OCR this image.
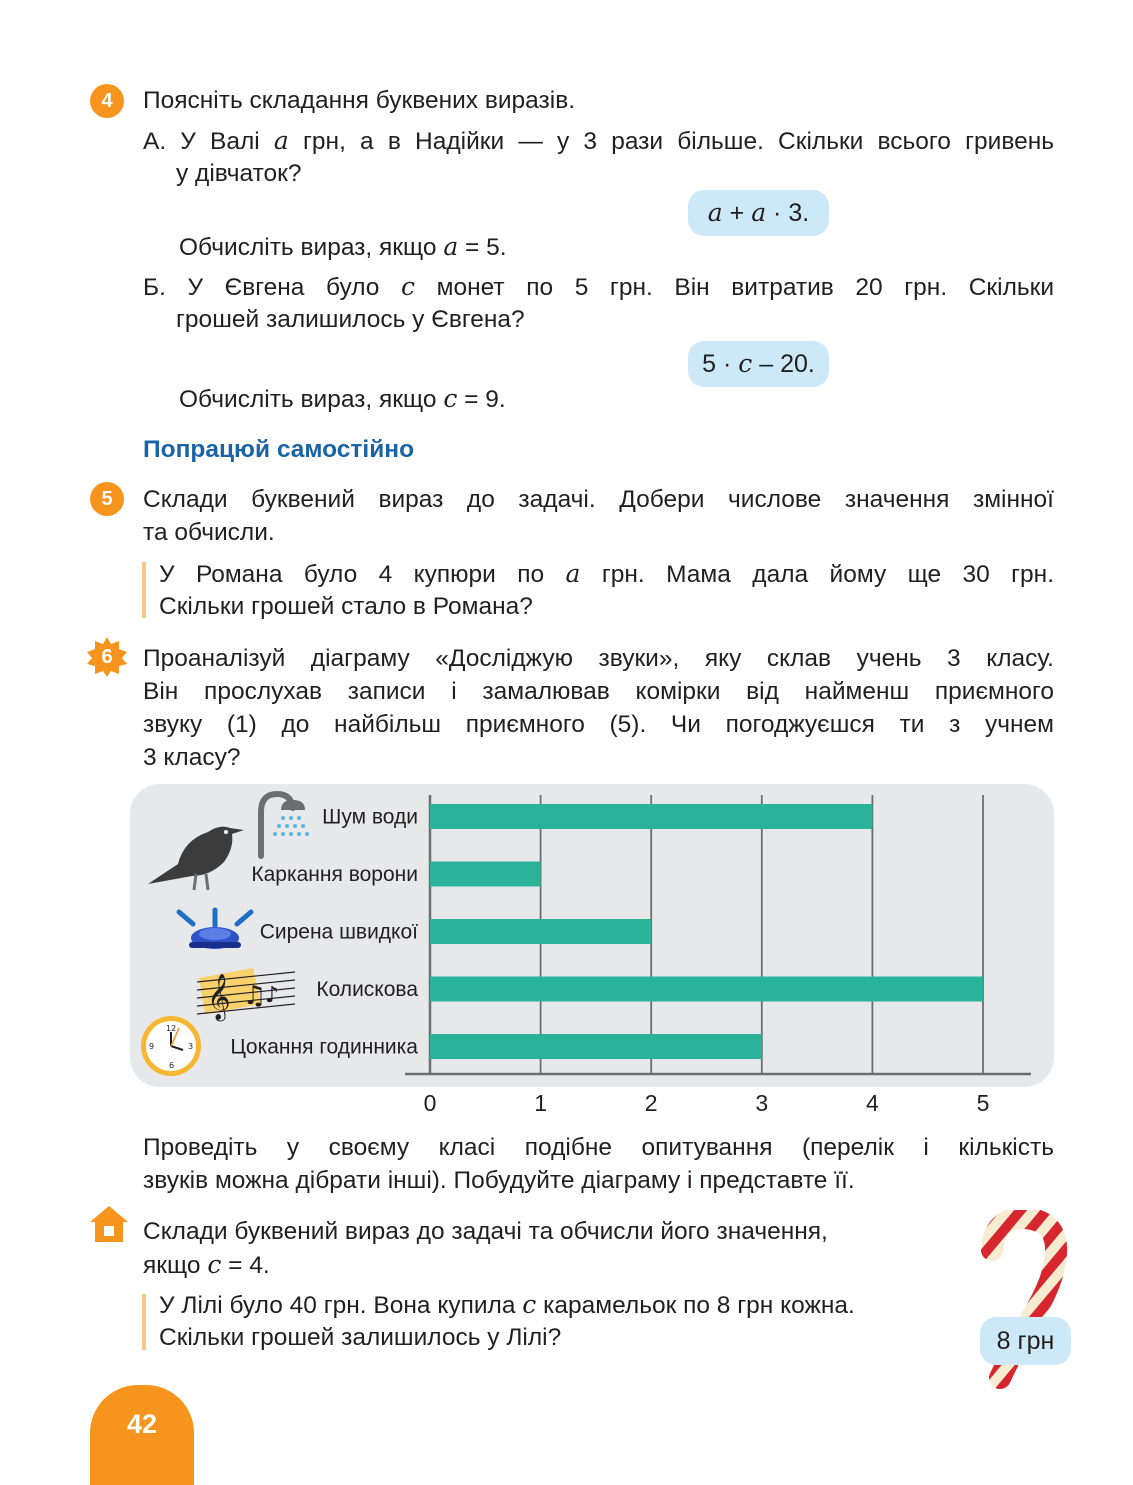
4	Поясніть складання буквених виразів.
А. У Валі a грн, а в Надійки — у 3 рази більше. Скільки всього гривень
у дівчаток?
a + a · 3.
Обчисліть вираз, якщо a = 5.
Б. У Євгена було c монет по 5 грн. Він витратив 20 грн. Скільки
грошей залишилось у Євгена?
5 · c – 20.
Обчисліть вираз, якщо c = 9.
Попрацюй самостійно
5	Склади буквений вираз до задачі. Добери числове значення змінної
та обчисли.
У Романа було 4 купюри по a грн. Мама дала йому ще 30 грн.
Скільки грошей стало в Романа?
6	Проаналізуй діаграму «Досліджую звуки», яку склав учень 3 класу.
Він прослухав записи і замалював комірки від найменш приємного
звуку (1) до найбільш приємного (5). Чи погоджуєшся ти з учнем
3 класу?
Шум води
Каркання ворони
Сирена швидкої
Колискова
Цокання годинника
0	1	2	3	4	5
𝄞 ♫
♪
12
3
6
9
Проведіть у своєму класі подібне опитування (перелік і кількість
звуків можна дібрати інші). Побудуйте діаграму і представте її.
Склади буквений вираз до задачі та обчисли його значення,
якщо c = 4.
У Лілі було 40 грн. Вона купила c карамельок по 8 грн кожна.
Скільки грошей залишилось у Лілі?	8 грн
42
